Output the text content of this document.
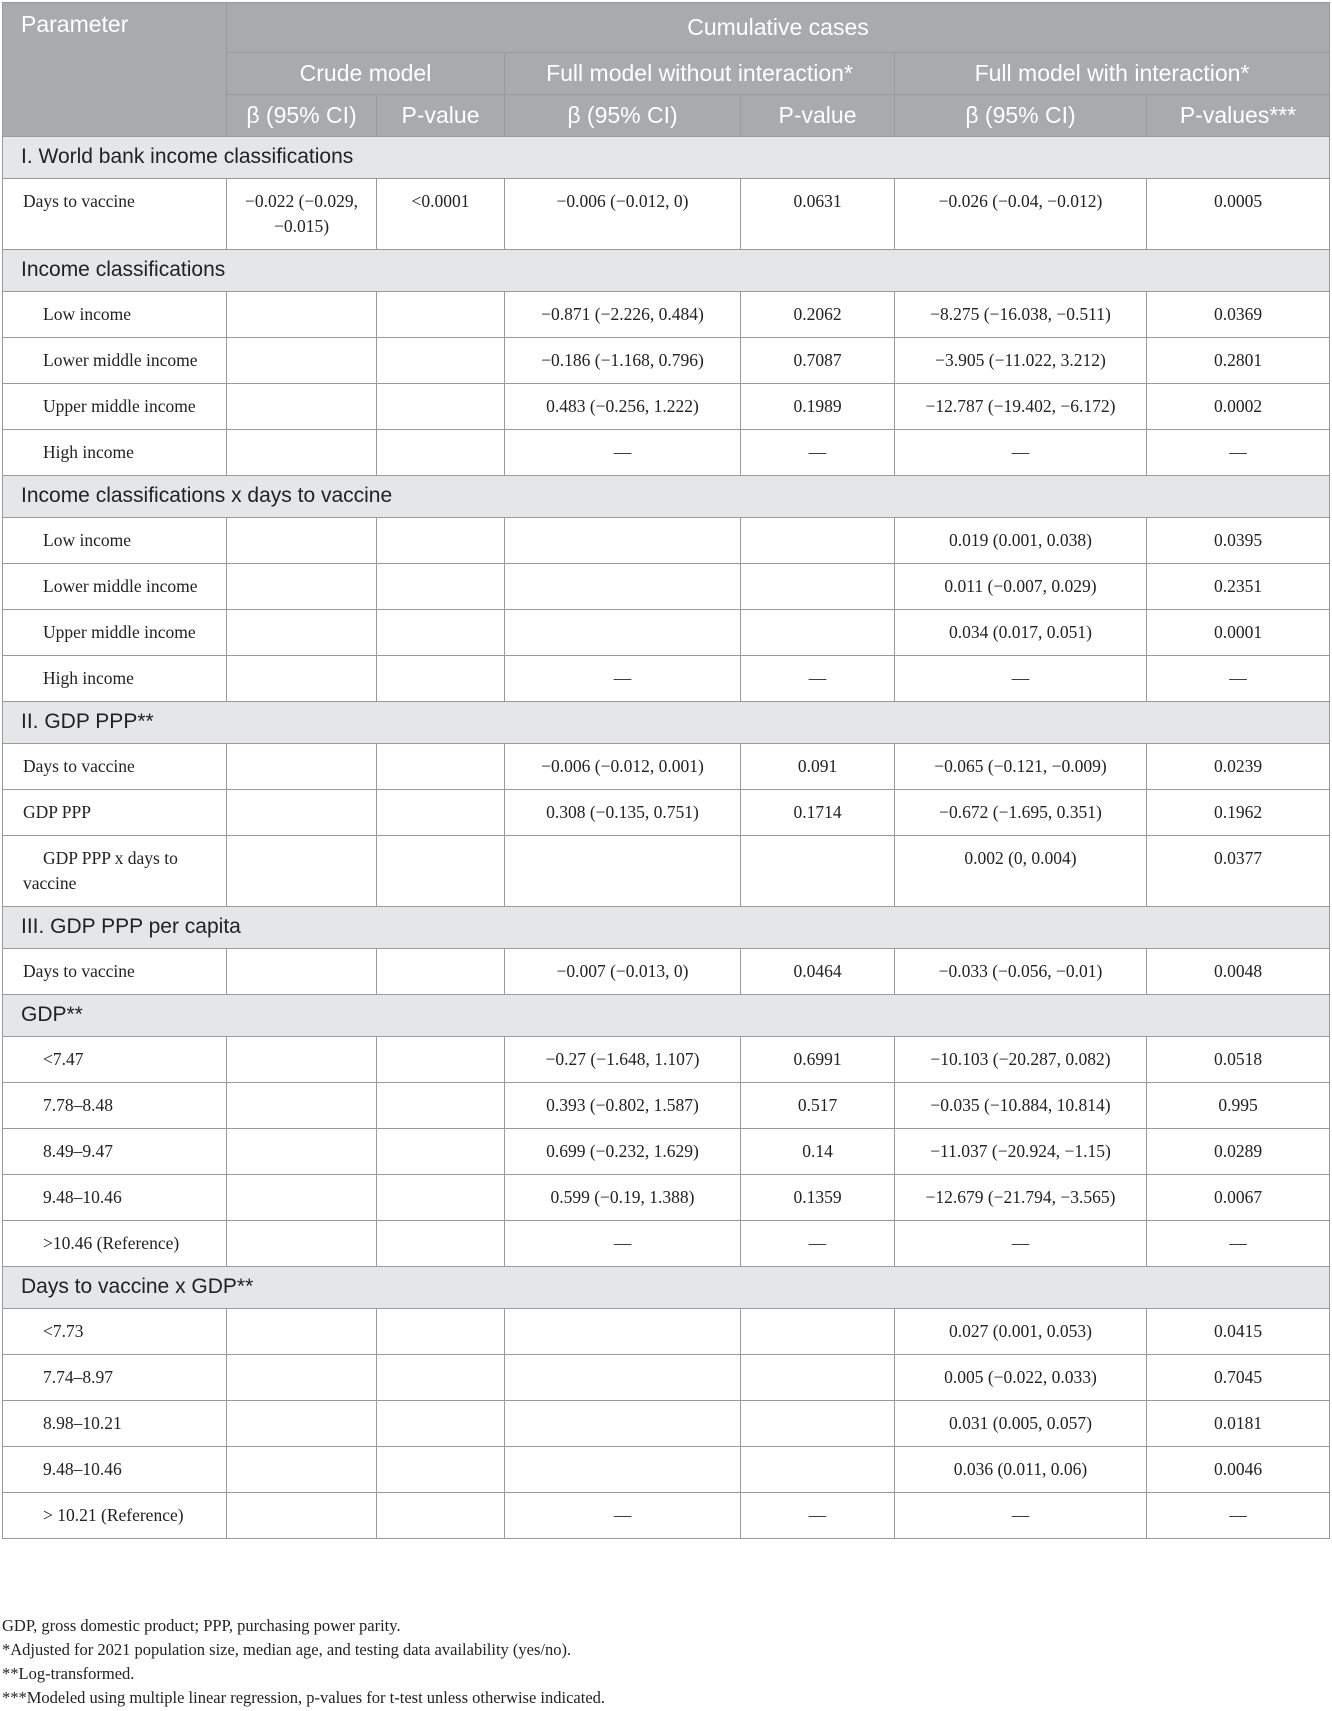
Parameter	Cumulative cases					
	Crude model		Full model without interaction*		Full model with interaction*	
	β (95% CI)	P-value	β (95% CI)	P-value	β (95% CI)	P-values***
I. World bank income classifications						
Days to vaccine	−0.022 (−0.029, −0.015)	<0.0001	−0.006 (−0.012, 0)	0.0631	−0.026 (−0.04, −0.012)	0.0005
Income classifications						
Low income			−0.871 (−2.226, 0.484)	0.2062	−8.275 (−16.038, −0.511)	0.0369
Lower middle income			−0.186 (−1.168, 0.796)	0.7087	−3.905 (−11.022, 3.212)	0.2801
Upper middle income			0.483 (−0.256, 1.222)	0.1989	−12.787 (−19.402, −6.172)	0.0002
High income			—	—	—	—
Income classifications x days to vaccine						
Low income					0.019 (0.001, 0.038)	0.0395
Lower middle income					0.011 (−0.007, 0.029)	0.2351
Upper middle income					0.034 (0.017, 0.051)	0.0001
High income			—	—	—	—
II. GDP PPP**						
Days to vaccine			−0.006 (−0.012, 0.001)	0.091	−0.065 (−0.121, −0.009)	0.0239
GDP PPP			0.308 (−0.135, 0.751)	0.1714	−0.672 (−1.695, 0.351)	0.1962
GDP PPP x days to vaccine					0.002 (0, 0.004)	0.0377
III. GDP PPP per capita						
Days to vaccine			−0.007 (−0.013, 0)	0.0464	−0.033 (−0.056, −0.01)	0.0048
GDP**						
<7.47			−0.27 (−1.648, 1.107)	0.6991	−10.103 (−20.287, 0.082)	0.0518
7.78–8.48			0.393 (−0.802, 1.587)	0.517	−0.035 (−10.884, 10.814)	0.995
8.49–9.47			0.699 (−0.232, 1.629)	0.14	−11.037 (−20.924, −1.15)	0.0289
9.48–10.46			0.599 (−0.19, 1.388)	0.1359	−12.679 (−21.794, −3.565)	0.0067
>10.46 (Reference)			—	—	—	—
Days to vaccine x GDP**						
<7.73					0.027 (0.001, 0.053)	0.0415
7.74–8.97					0.005 (−0.022, 0.033)	0.7045
8.98–10.21					0.031 (0.005, 0.057)	0.0181
9.48–10.46					0.036 (0.011, 0.06)	0.0046
> 10.21 (Reference)			—	—	—	—
GDP, gross domestic product; PPP, purchasing power parity.
*Adjusted for 2021 population size, median age, and testing data availability (yes/no).
**Log-transformed.
***Modeled using multiple linear regression, p-values for t-test unless otherwise indicated.
